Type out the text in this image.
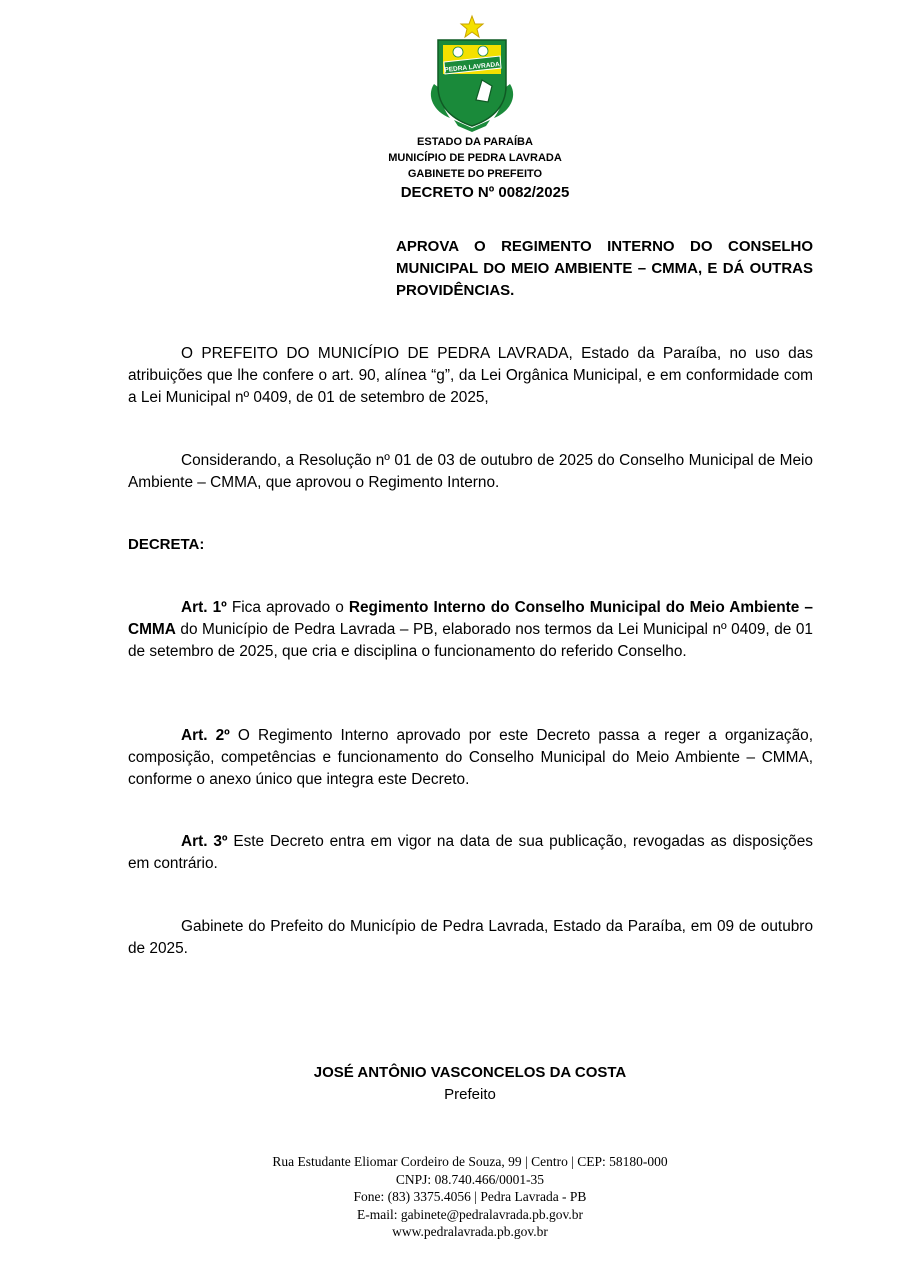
PEDRA LAVRADA
ESTADO DA PARAÍBA
MUNICÍPIO DE PEDRA LAVRADA
GABINETE DO PREFEITO
DECRETO Nº 0082/2025
APROVA O REGIMENTO INTERNO DO CONSELHO MUNICIPAL DO MEIO AMBIENTE – CMMA, E DÁ OUTRAS PROVIDÊNCIAS.
O PREFEITO DO MUNICÍPIO DE PEDRA LAVRADA, Estado da Paraíba, no uso das atribuições que lhe confere o art. 90, alínea “g”, da Lei Orgânica Municipal, e em conformidade com a Lei Municipal nº 0409, de 01 de setembro de 2025,
Considerando, a Resolução nº 01 de 03 de outubro de 2025 do Conselho Municipal de Meio Ambiente – CMMA, que aprovou o Regimento Interno.
DECRETA:
Art. 1º Fica aprovado o Regimento Interno do Conselho Municipal do Meio Ambiente – CMMA do Município de Pedra Lavrada – PB, elaborado nos termos da Lei Municipal nº 0409, de 01 de setembro de 2025, que cria e disciplina o funcionamento do referido Conselho.
Art. 2º O Regimento Interno aprovado por este Decreto passa a reger a organização, composição, competências e funcionamento do Conselho Municipal do Meio Ambiente – CMMA, conforme o anexo único que integra este Decreto.
Art. 3º Este Decreto entra em vigor na data de sua publicação, revogadas as disposições em contrário.
Gabinete do Prefeito do Município de Pedra Lavrada, Estado da Paraíba, em 09 de outubro de 2025.
JOSÉ ANTÔNIO VASCONCELOS DA COSTA
Prefeito
Rua Estudante Eliomar Cordeiro de Souza, 99 | Centro | CEP: 58180-000
CNPJ: 08.740.466/0001-35
Fone: (83) 3375.4056 | Pedra Lavrada - PB
E-mail: gabinete@pedralavrada.pb.gov.br
www.pedralavrada.pb.gov.br
